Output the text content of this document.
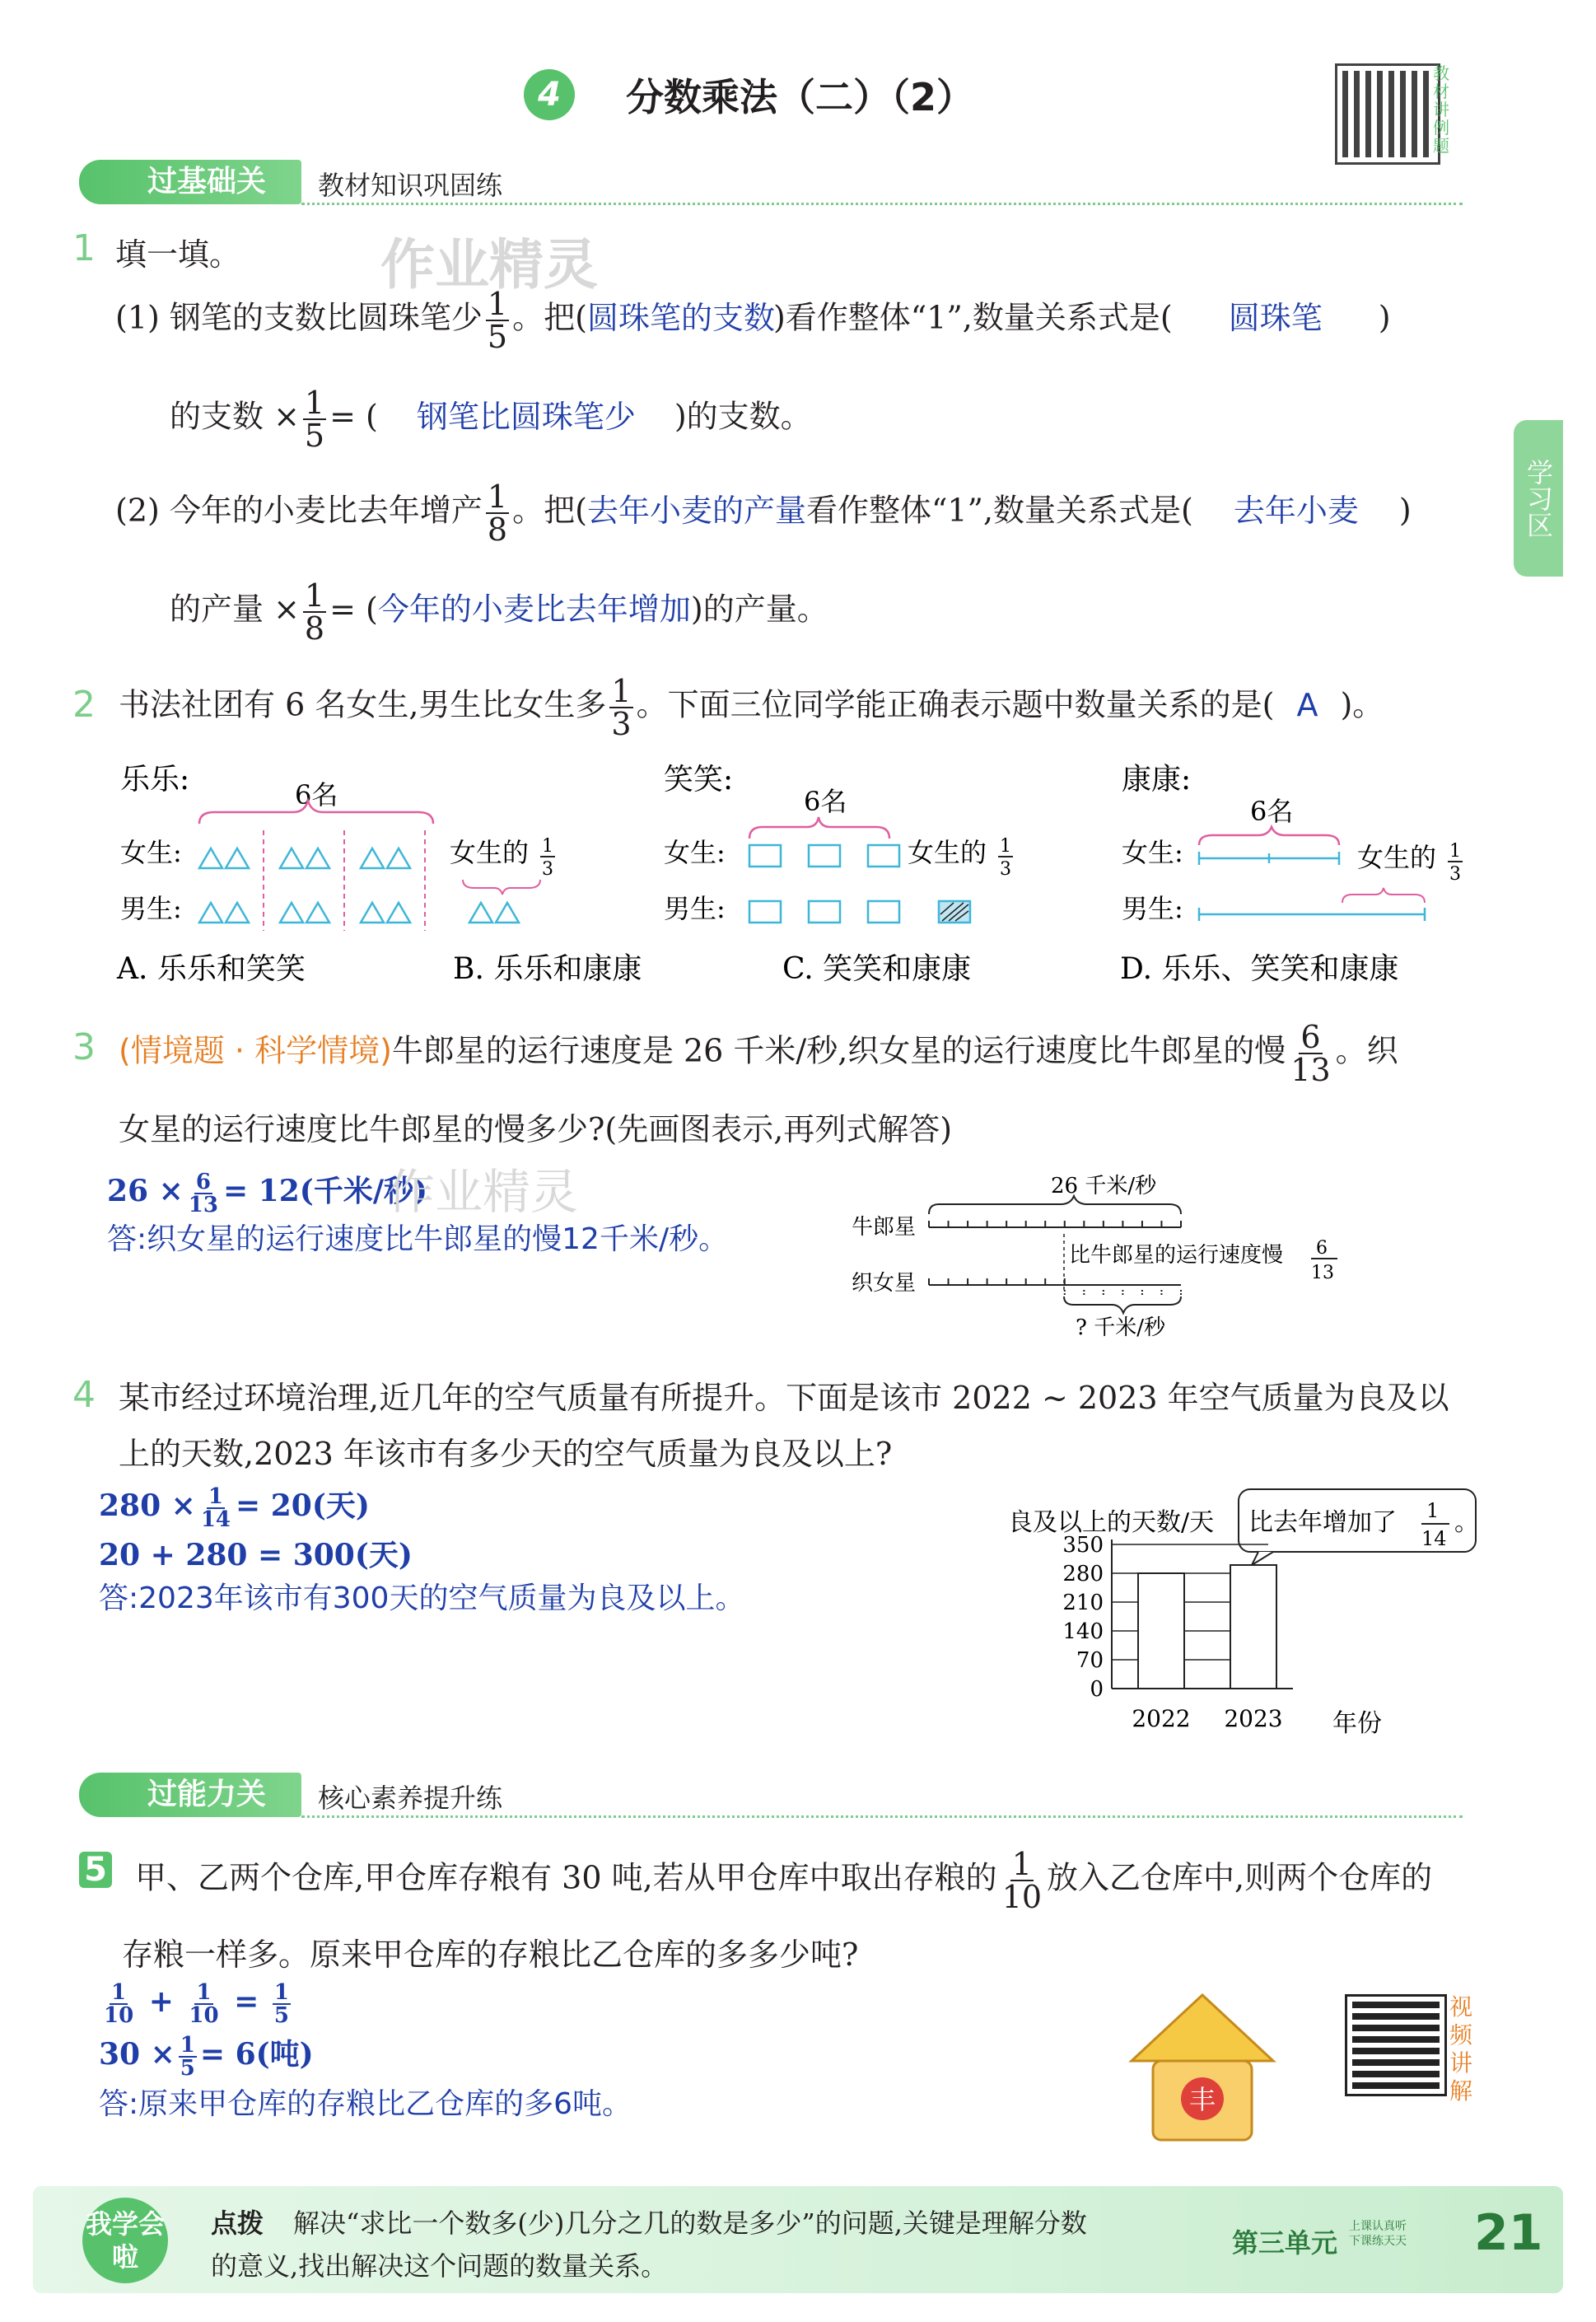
4	分数乘法（二）（2）
教材讲例题
学习区
过基础关	教材知识巩固练
作业精灵
1 填一填。
(1) 钢笔的支数比圆珠笔少 $\frac{1}{5}$ 。把(圆珠笔的支数)看作整体“1”,数量关系式是( 圆珠笔 )
的支数 × $\frac{1}{5}$ = ( 钢笔比圆珠笔少 )的支数。
(2) 今年的小麦比去年增产 $\frac{1}{8}$ 。把(去年小麦的产量看作整体“1”,数量关系式是( 去年小麦 )
的产量 × $\frac{1}{8}$ = (今年的小麦比去年增加)的产量。
2 书法社团有 6 名女生,男生比女生多 $\frac{1}{3}$ 。下面三位同学能正确表示题中数量关系的是( A )。
乐乐:	6名
女生:
男生:
女生的 1
3
笑笑:
6名
女生:
男生:
女生的 1
3
康康:
6名
女生:
男生:
女生的 1
3
A. 乐乐和笑笑	B. 乐乐和康康	C. 笑笑和康康	D. 乐乐、笑笑和康康
3 (情境题 · 科学情境)牛郎星的运行速度是 26 千米/秒,织女星的运行速度比牛郎星的慢 $\frac{6}{13}$ 。织
女星的运行速度比牛郎星的慢多少?(先画图表示,再列式解答)
$26 \times \frac{6}{13} = 12$(千米/秒)
答:织女星的运行速度比牛郎星的慢12千米/秒。
作业精灵	26 千米/秒
牛郎星
织女星
比牛郎星的运行速度慢 6
13
? 千米/秒
4 某市经过环境治理,近几年的空气质量有所提升。下面是该市 2022 ~ 2023 年空气质量为良及以
上的天数,2023 年该市有多少天的空气质量为良及以上?
$280 \times \frac{1}{14} = 20$(天)
20 + 280 = 300(天)
答:2023年该市有300天的空气质量为良及以上。
良及以上的天数/天 比去年增加了 1
14
。
0
70
140
210
280
350
2022 2023 年份
过能力关	核心素养提升练
5 甲、乙两个仓库,甲仓库存粮有 30 吨,若从甲仓库中取出存粮的 $\frac{1}{10}$ 放入乙仓库中,则两个仓库的
存粮一样多。原来甲仓库的存粮比乙仓库的多多少吨?
$\frac{1}{10} + \frac{1}{10} = \frac{1}{5}$
$30 \times \frac{1}{5} = 6$(吨)
答:原来甲仓库的存粮比乙仓库的多6吨。	丰
视频讲解
我学会啦
点拨 解决“求比一个数多(少)几分之几的数是多少”的问题,关键是理解分数
的意义,找出解决这个问题的数量关系。
第三单元
上课认真听 下课练天天 21
